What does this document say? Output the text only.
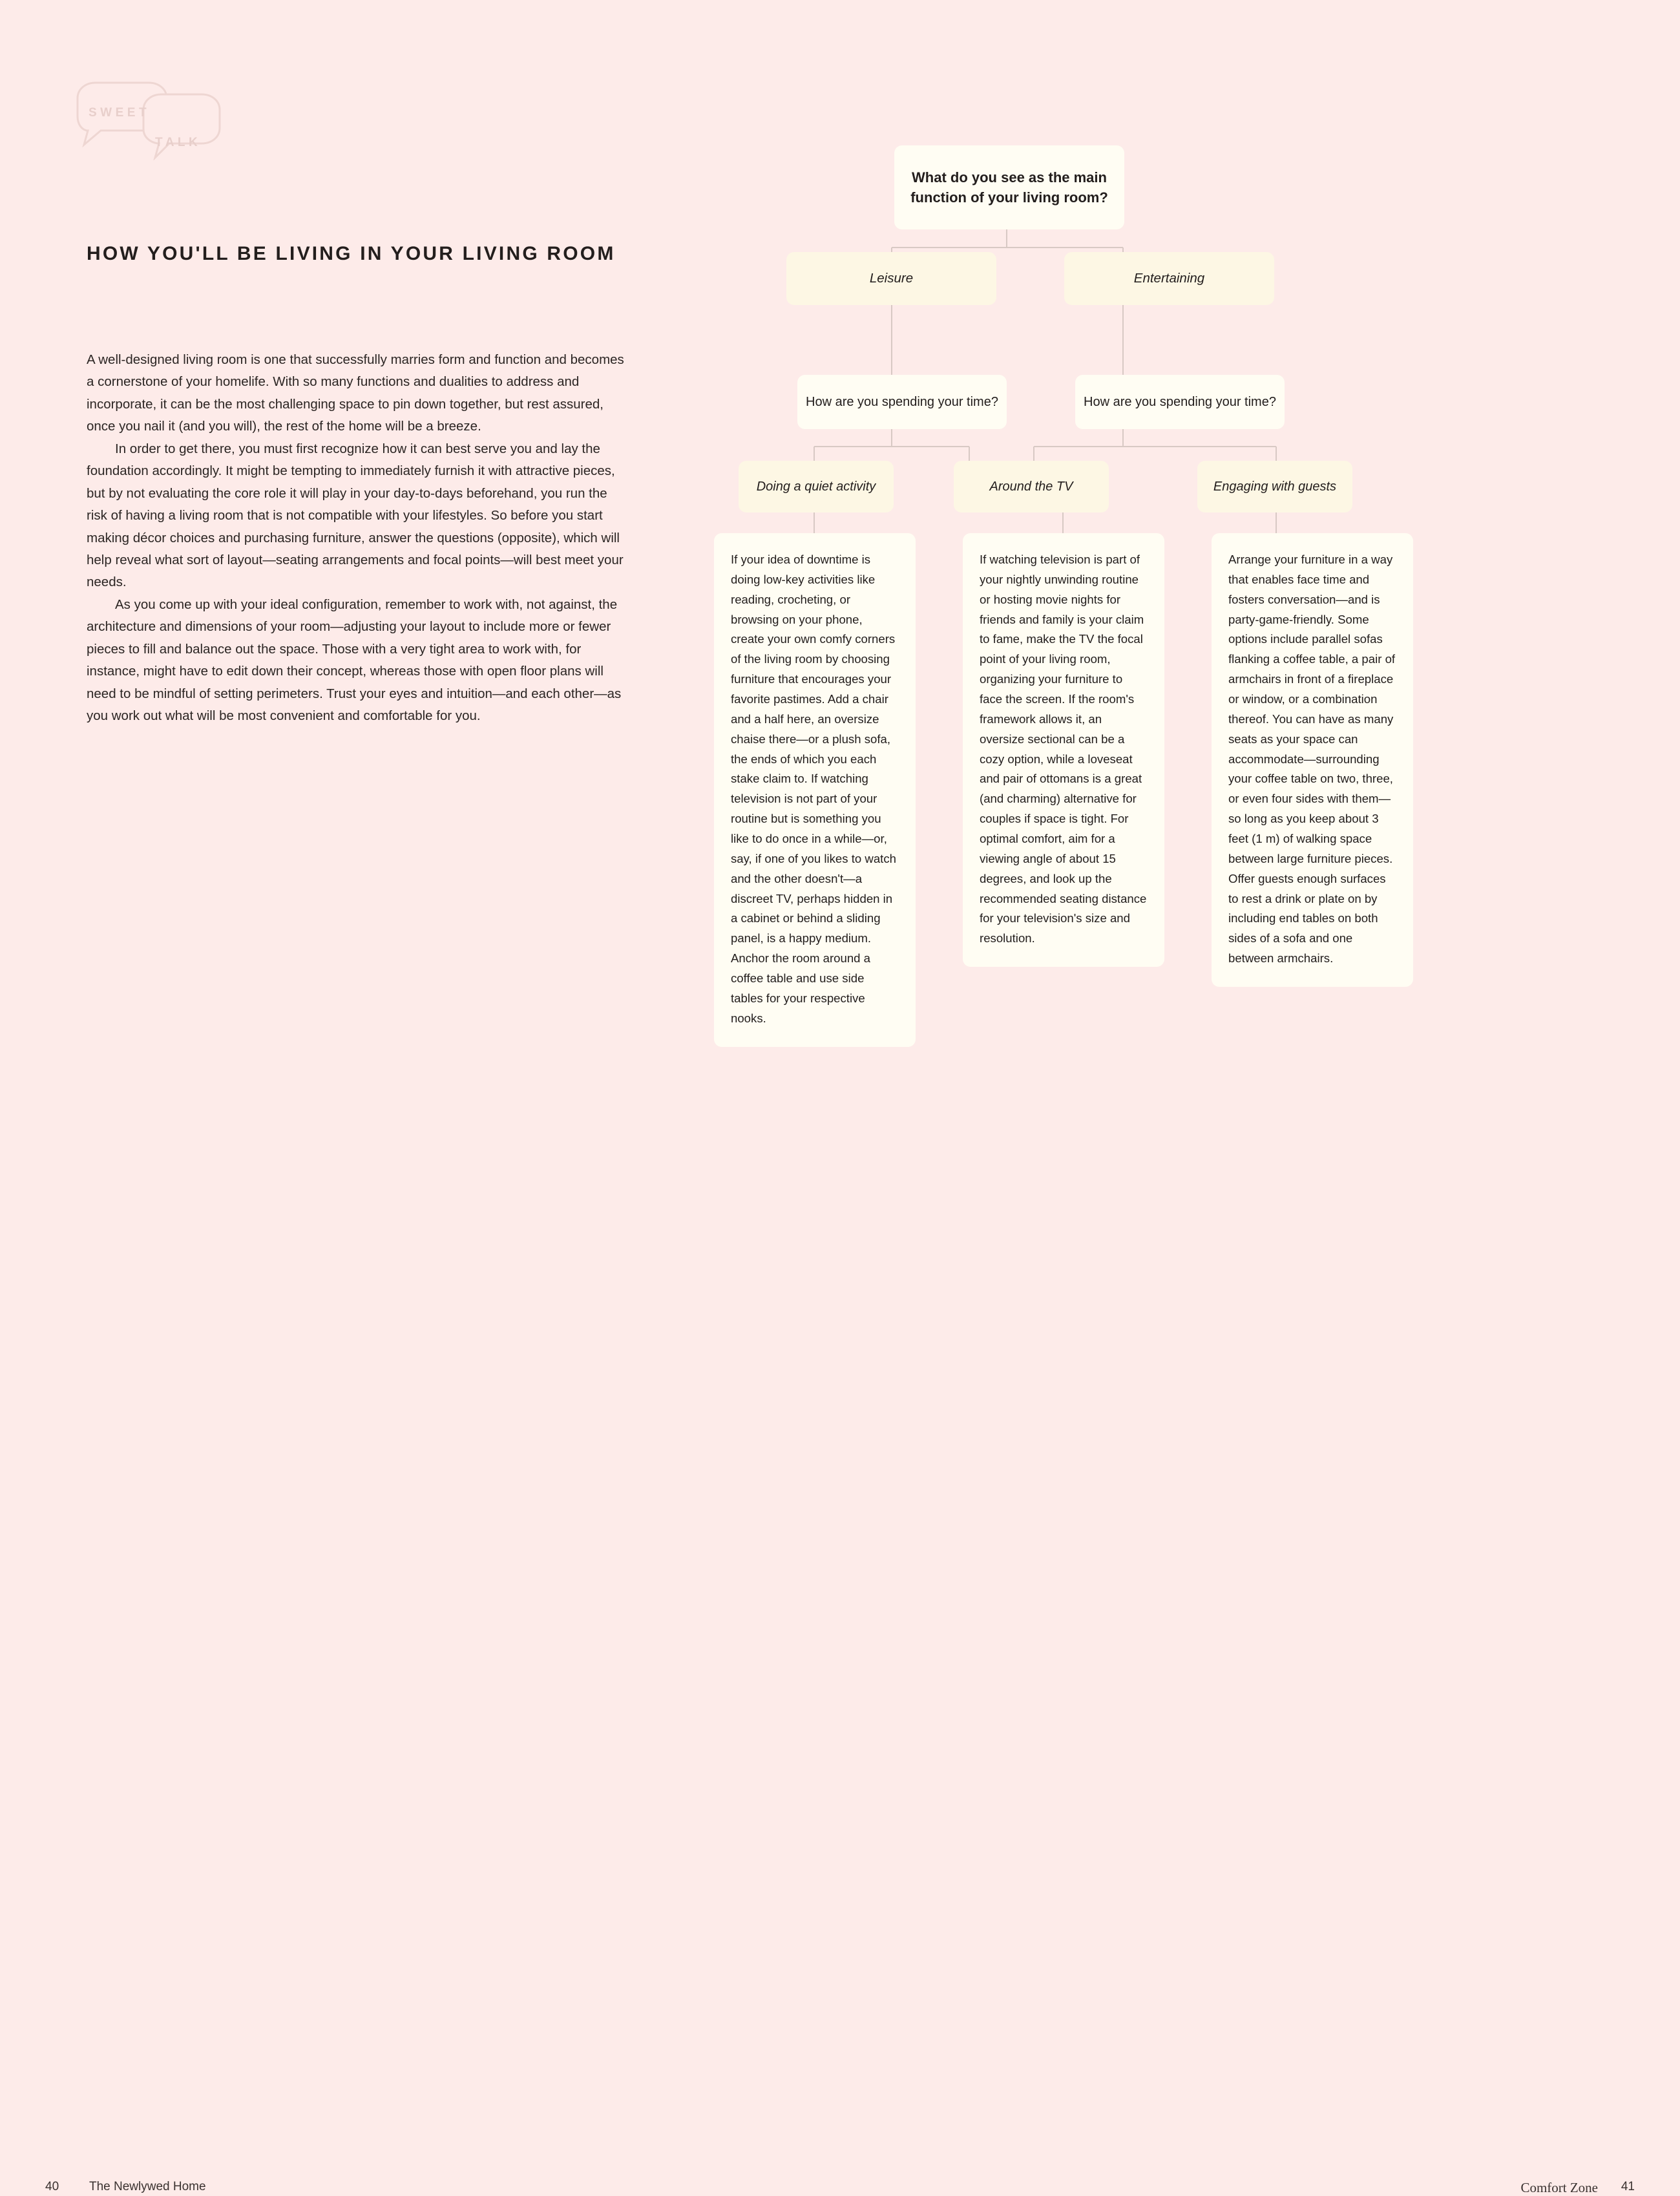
SWEET
TALK
HOW YOU'LL BE LIVING IN YOUR LIVING ROOM

A well-designed living room is one that successfully marries form and function and becomes a cornerstone of your homelife. With so many functions and dualities to address and incorporate, it can be the most challenging space to pin down together, but rest assured, once you nail it (and you will), the rest of the home will be a breeze.

In order to get there, you must first recognize how it can best serve you and lay the foundation accordingly. It might be tempting to immediately furnish it with attractive pieces, but by not evaluating the core role it will play in your day-to-days beforehand, you run the risk of having a living room that is not compatible with your lifestyles. So before you start making décor choices and purchasing furniture, answer the questions (opposite), which will help reveal what sort of layout—seating arrangements and focal points—will best meet your needs.

As you come up with your ideal configuration, remember to work with, not against, the architecture and dimensions of your room—adjusting your layout to include more or fewer pieces to fill and balance out the space. Those with a very tight area to work with, for instance, might have to edit down their concept, whereas those with open floor plans will need to be mindful of setting perimeters. Trust your eyes and intuition—and each other—as you work out what will be most convenient and comfortable for you.

What do you see as the main function of your living room?
Leisure	Entertaining
How are you spending your time?	How are you spending your time?
Doing a quiet activity	Around the TV	Engaging with guests
If your idea of downtime is doing low-key activities like reading, crocheting, or browsing on your phone, create your own comfy corners of the living room by choosing furniture that encourages your favorite pastimes. Add a chair and a half here, an oversize chaise there—or a plush sofa, the ends of which you each stake claim to. If watching television is not part of your routine but is something you like to do once in a while—or, say, if one of you likes to watch and the other doesn't—a discreet TV, perhaps hidden in a cabinet or behind a sliding panel, is a happy medium. Anchor the room around a coffee table and use side tables for your respective nooks.
If watching television is part of your nightly unwinding routine or hosting movie nights for friends and family is your claim to fame, make the TV the focal point of your living room, organizing your furniture to face the screen. If the room's framework allows it, an oversize sectional can be a cozy option, while a loveseat and pair of ottomans is a great (and charming) alternative for couples if space is tight. For optimal comfort, aim for a viewing angle of about 15 degrees, and look up the recommended seating distance for your television's size and resolution.
Arrange your furniture in a way that enables face time and fosters conversation—and is party-game-friendly. Some options include parallel sofas flanking a coffee table, a pair of armchairs in front of a fireplace or window, or a combination thereof. You can have as many seats as your space can accommodate—surrounding your coffee table on two, three, or even four sides with them—so long as you keep about 3 feet (1 m) of walking space between large furniture pieces. Offer guests enough surfaces to rest a drink or plate on by including end tables on both sides of a sofa and one between armchairs.
40 The Newlywed Home	Comfort Zone 41
